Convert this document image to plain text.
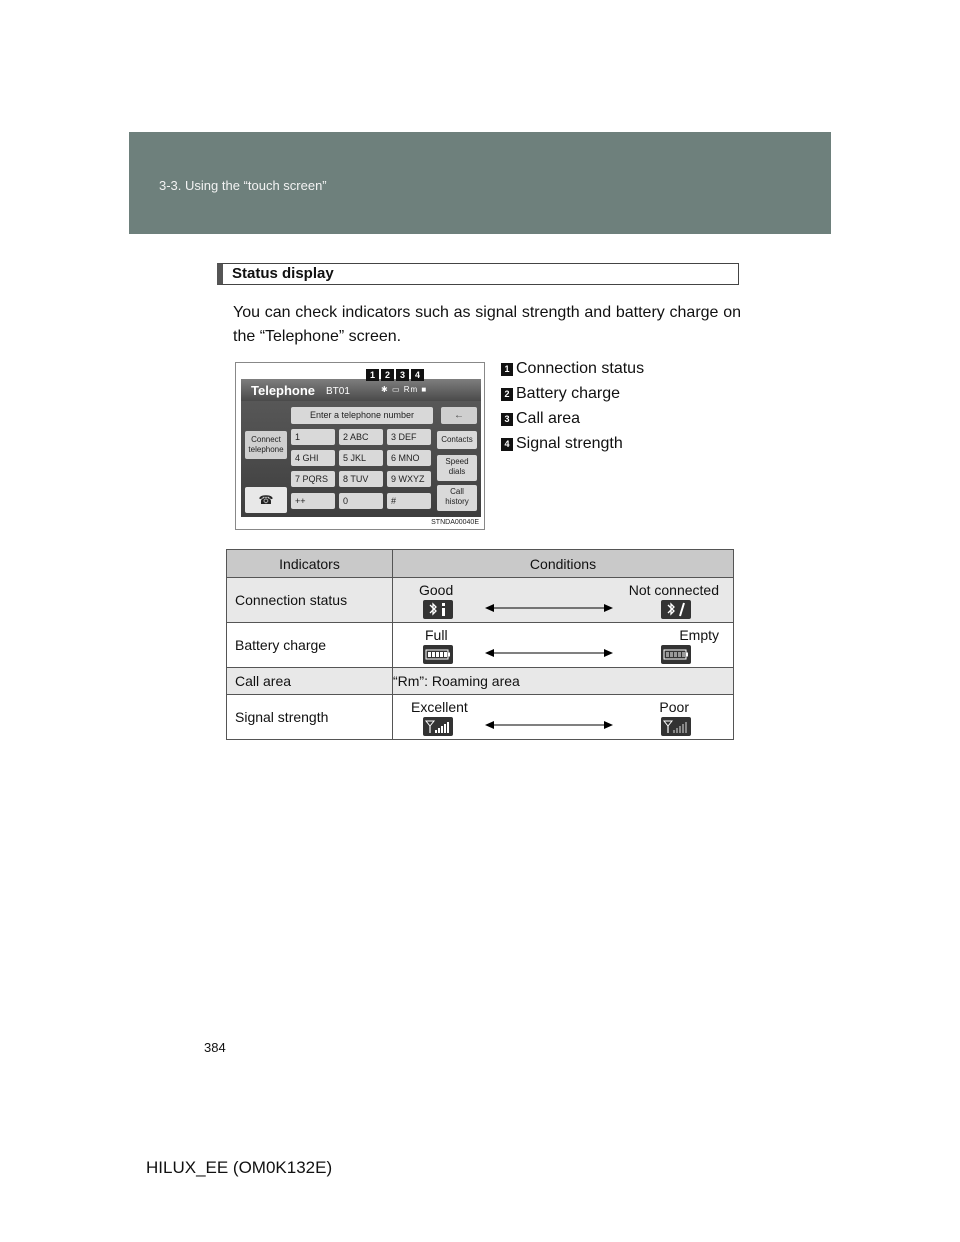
3-3. Using the “touch screen”
Status display
You can check indicators such as signal strength and battery charge on the “Telephone” screen.
Telephone BT01	✱ ▭ Rm ■
Enter a telephone number	←
Connect
telephone
☎
1	2 ABC	3 DEF
4 GHI	5 JKL	6 MNO
7 PQRS	8 TUV	9 WXYZ
++	0	#
Contacts
Speed
dials
Call
history
STNDA00040E
1	2	3	4
1 Connection status
2 Battery charge
3 Call area
4 Signal strength
Indicators	Conditions
Connection status	Good Not connected

Battery charge	Full Empty

Call area	“Rm”: Roaming area
Signal strength	Excellent Poor
384
HILUX_EE (OM0K132E)
